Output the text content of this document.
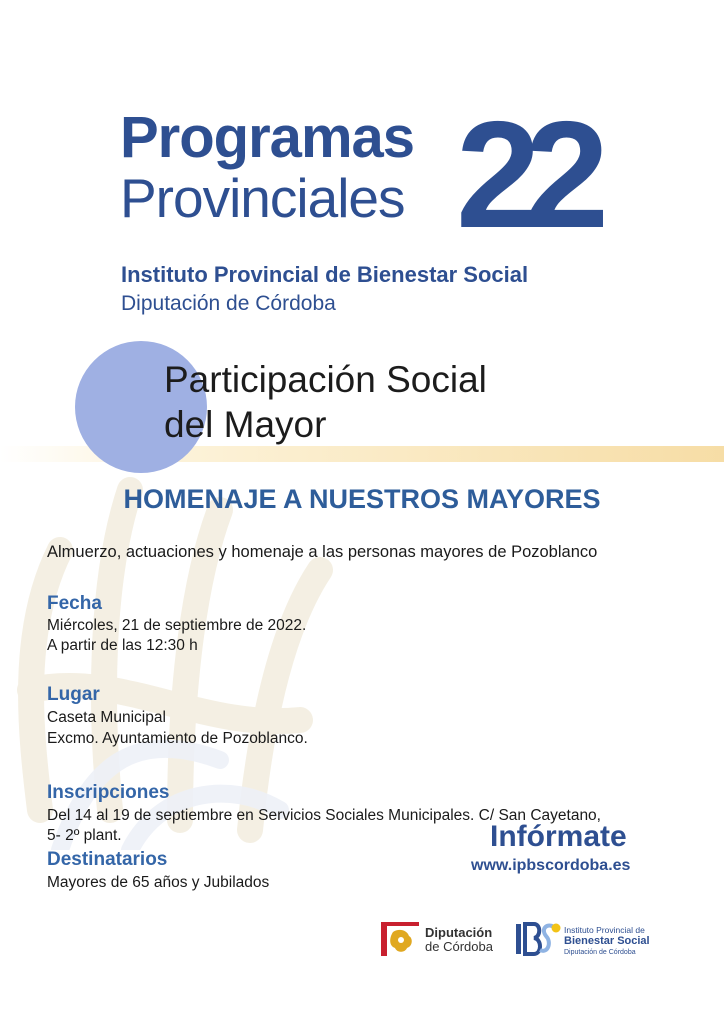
Programas
Provinciales 22
Instituto Provincial de Bienestar Social
Diputación de Córdoba
Participación Social
del Mayor
HOMENAJE A NUESTROS MAYORES
Almuerzo, actuaciones y homenaje a las personas mayores de Pozoblanco
Fecha
Miércoles, 21 de septiembre de 2022.
A partir de las 12:30 h
Lugar
Caseta Municipal
Excmo. Ayuntamiento de Pozoblanco.
Inscripciones
Del 14 al 19 de septiembre en Servicios Sociales Municipales. C/ San Cayetano,
5- 2º plant.
Destinatarios
Mayores de 65 años y Jubilados
Infórmate
www.ipbscordoba.es
Diputación
de Córdoba
Instituto Provincial de
Bienestar Social
Diputación de Córdoba
